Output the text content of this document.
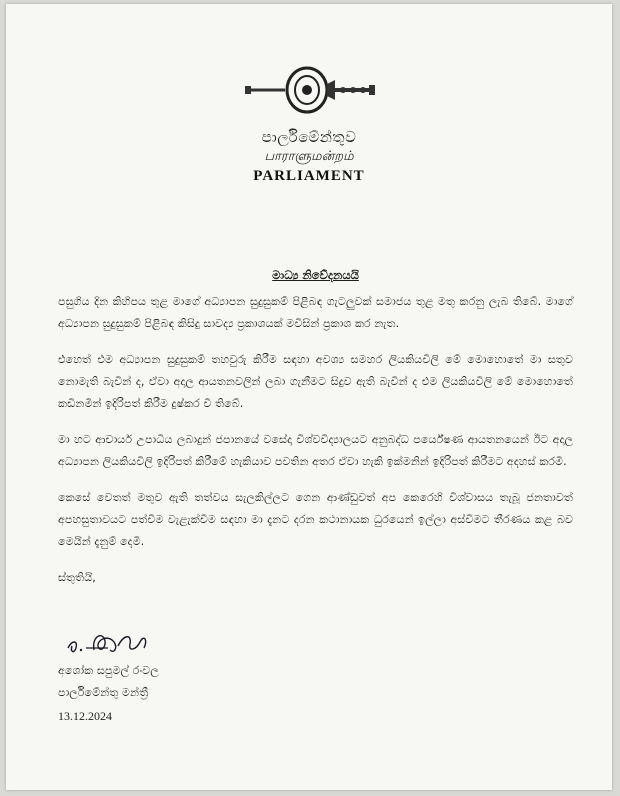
පාර්ලිමේන්තුව
பாராளுமன்றம்
PARLIAMENT
මාධ්‍ය නිවේදනයයි

පසුගිය දින කිහිපය තුළ මාගේ අධ්‍යාපන සුදුසුකම් පිළිබඳ ගැටලුවක් සමාජය තුළ මතු කරනු ලැබ තිබේ. මාගේ අධ්‍යාපන සුදුසුකම් පිළිබඳ කිසිදු සාවද්‍ය ප්‍රකාශයක් මවිසින් ප්‍රකාශ කර නැත.

එහෙත් එම අධ්‍යාපන සුදුසුකම් තහවුරු කිරීම සඳහා අවශ්‍ය සමහර ලියකියවිලි මේ මොහොතේ මා සතුව නොමැති බැවින් ද, ඒවා අදාල ආයතනවලින් ලබා ගැනීමට සිදුව ඇති බැවින් ද එම ලියකියවිලි මේ මොහොතේ කඩිනමින් ඉදිරිපත් කිරීම දුෂ්කර වී තිබේ.

මා හට ආචාර්ය උපාධිය ලබාදුන් ජපානයේ වසේදා විශ්වවිද්‍යාලයට අනුබද්ධ පර්යේෂණ ආයතනයෙන් ඊට අදාල අධ්‍යාපන ලියකියවිලි ඉදිරිපත් කිරීමේ හැකියාව පවතින අතර ඒවා හැකි ඉක්මනින් ඉදිරිපත් කිරීමට අදහස් කරමි.

කෙසේ වෙතත් මතුව ඇති තත්වය සැලකිල්ලට ගෙන ආණ්ඩුවත් අප කෙරෙහි විශ්වාසය තැබූ ජනතාවත් අපහසුතාවයට පත්වීම වැළැක්වීම සඳහා මා දැනට දරන කථානායක ධුරයෙන් ඉල්ලා අස්වීමට තීරණය කළ බව මෙයින් දැනුම් දෙමි.

ස්තුතියි,
අශෝක සපුමල් රංවල
පාර්ලිමේන්තු මන්ත්‍රී
13.12.2024
